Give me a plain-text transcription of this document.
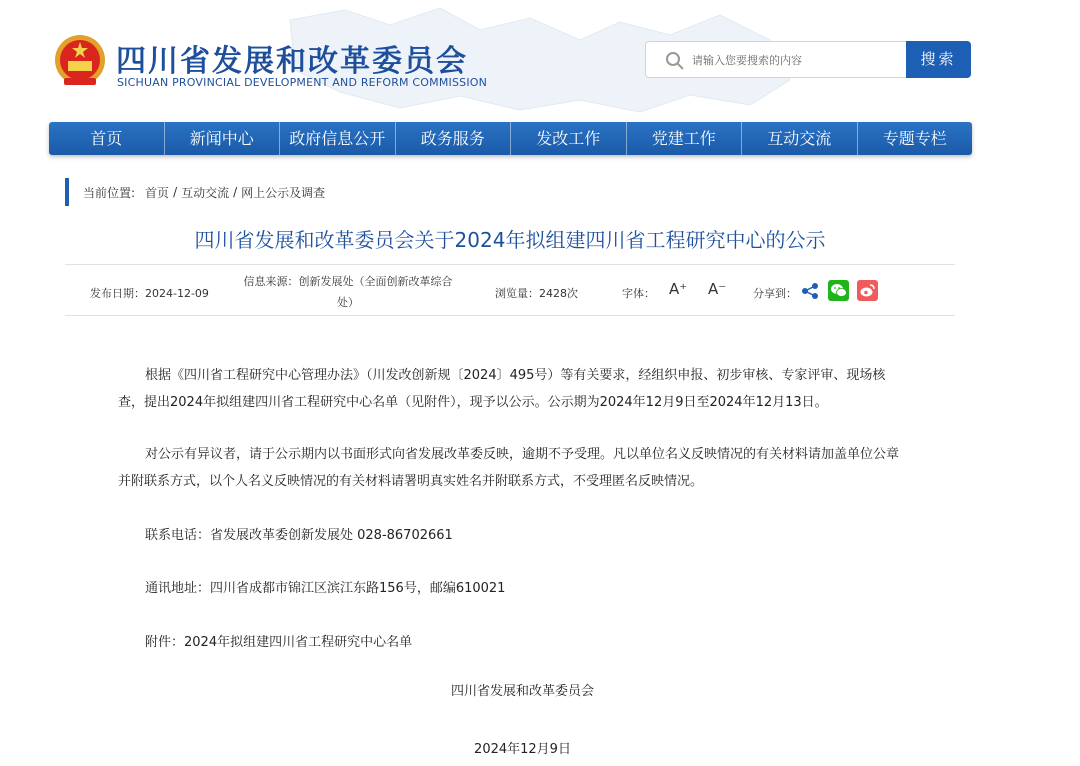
四川省发展和改革委员会
SICHUAN PROVINCIAL DEVELOPMENT AND REFORM COMMISSION
请输入您要搜索的内容
搜索
首页	新闻中心	政府信息公开	政务服务	发改工作	党建工作	互动交流	专题专栏
当前位置: 首页 / 互动交流 / 网上公示及调查
四川省发展和改革委员会关于2024年拟组建四川省工程研究中心的公示
发布日期：2024-12-09
信息来源：创新发展处（全面创新改革综合处）
浏览量：2428次	字体： A⁺ A⁻ 分享到：

根据《四川省工程研究中心管理办法》（川发改创新规〔2024〕495号）等有关要求，经组织申报、初步审核、专家评审、现场核查，提出2024年拟组建四川省工程研究中心名单（见附件），现予以公示。公示期为2024年12月9日至2024年12月13日。

对公示有异议者，请于公示期内以书面形式向省发展改革委反映，逾期不予受理。凡以单位名义反映情况的有关材料请加盖单位公章并附联系方式，以个人名义反映情况的有关材料请署明真实姓名并附联系方式，不受理匿名反映情况。

联系电话：省发展改革委创新发展处 028-86702661

通讯地址：四川省成都市锦江区滨江东路156号，邮编610021

附件：2024年拟组建四川省工程研究中心名单

四川省发展和改革委员会
2024年12月9日
